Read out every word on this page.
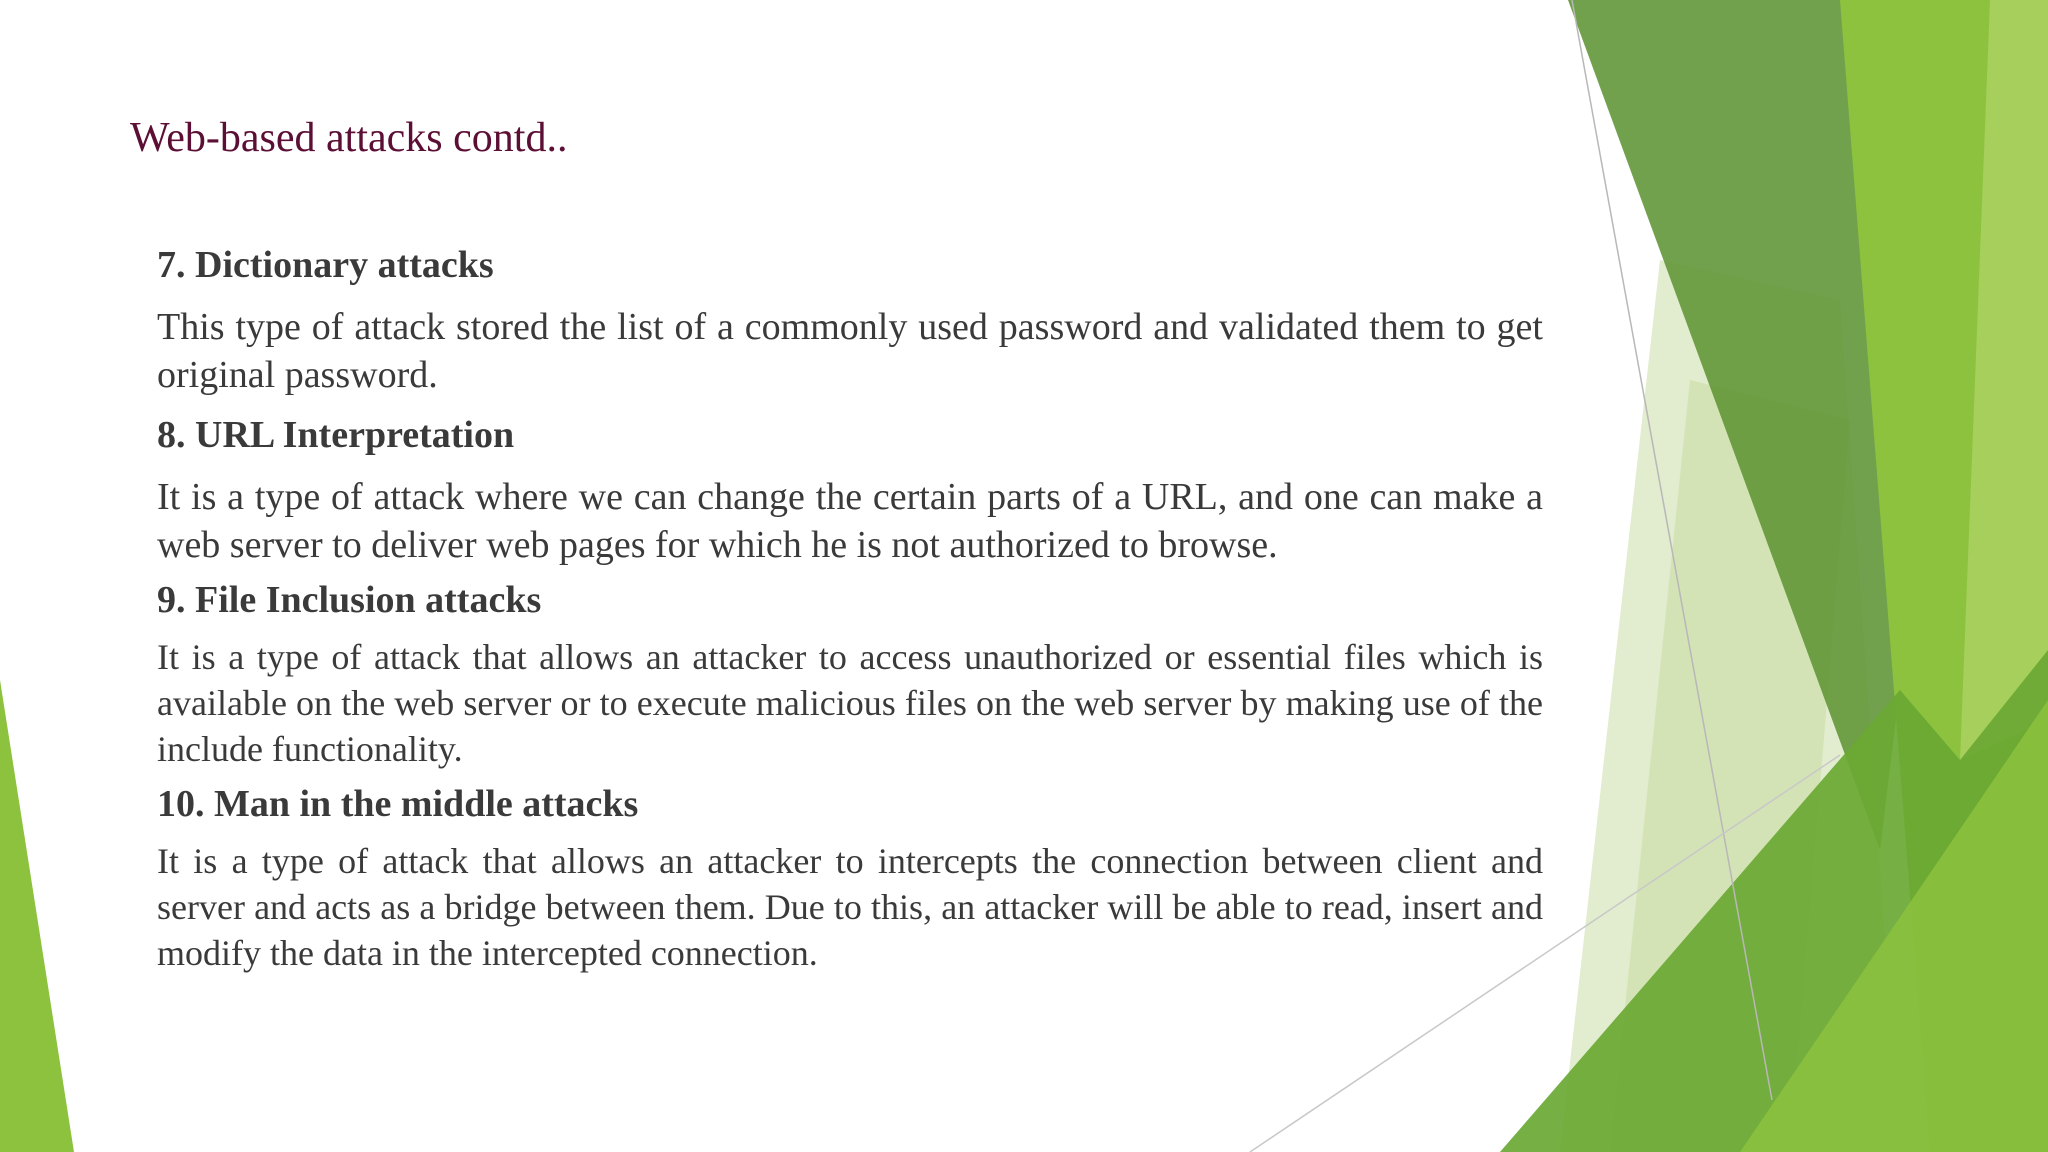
Web-based attacks contd..
7. Dictionary attacks

This type of attack stored the list of a commonly used password and validated them to get original password.

8. URL Interpretation

It is a type of attack where we can change the certain parts of a URL, and one can make a web server to deliver web pages for which he is not authorized to browse.

9. File Inclusion attacks

It is a type of attack that allows an attacker to access unauthorized or essential files which is available on the web server or to execute malicious files on the web server by making use of the include functionality.

10. Man in the middle attacks

It is a type of attack that allows an attacker to intercepts the connection between client and server and acts as a bridge between them. Due to this, an attacker will be able to read, insert and modify the data in the intercepted connection.
